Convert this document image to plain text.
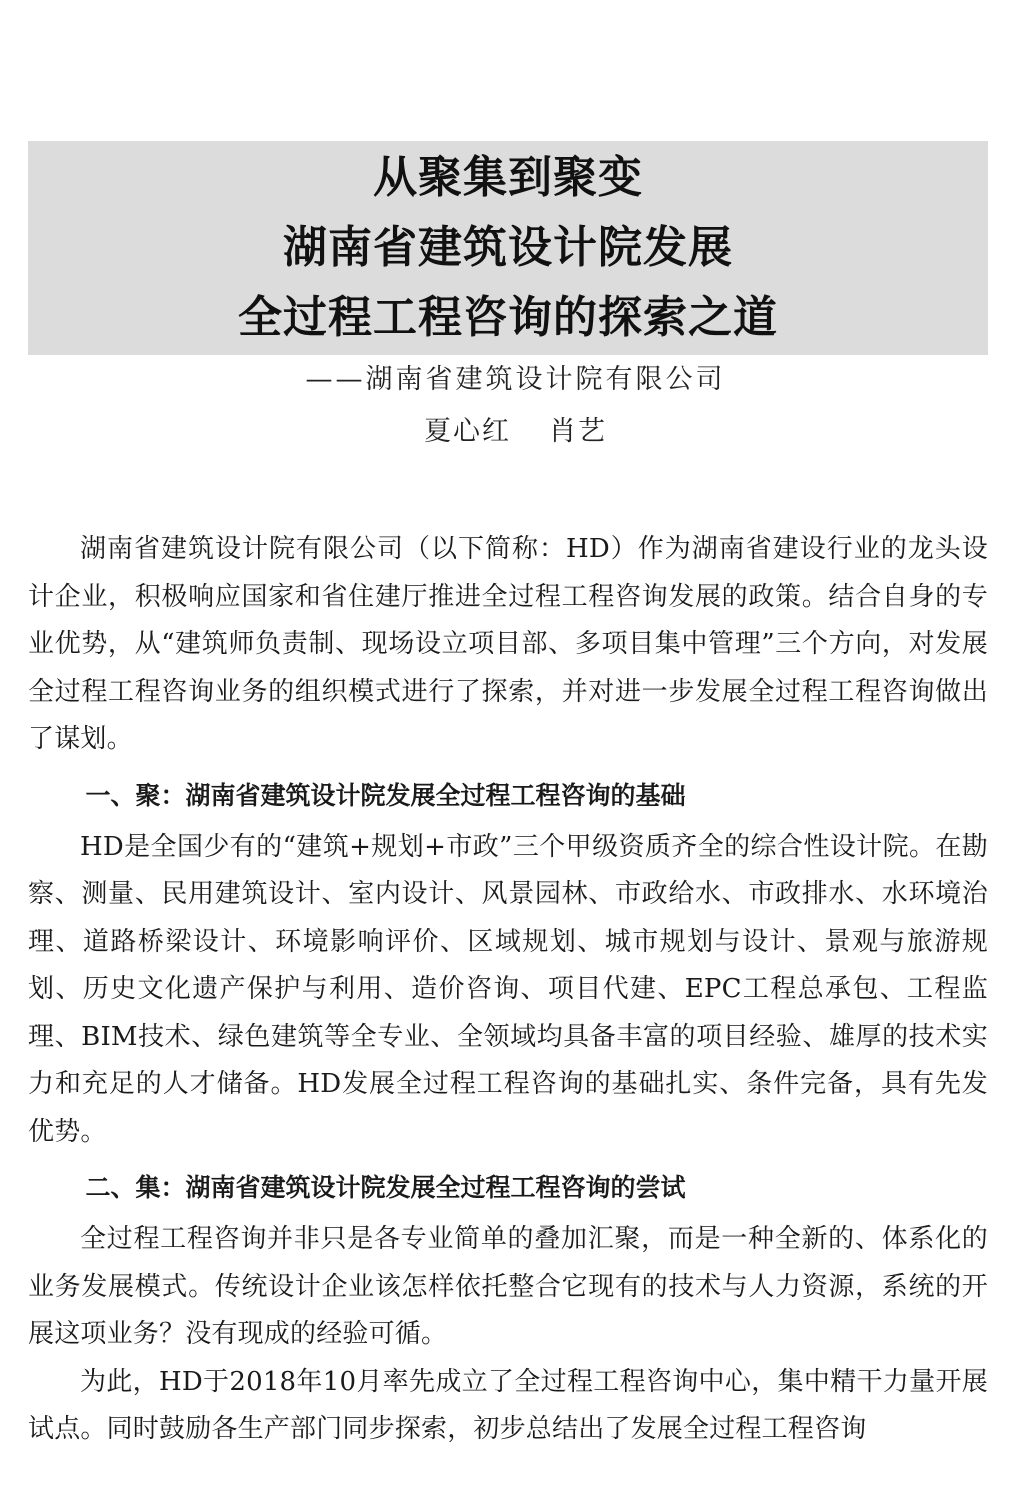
从聚集到聚变
湖南省建筑设计院发展
全过程工程咨询的探索之道
——湖南省建筑设计院有限公司
夏心红 肖艺

湖南省建筑设计院有限公司（以下简称：HD）作为湖南省建设行业的龙头设计企业，积极响应国家和省住建厅推进全过程工程咨询发展的政策。结合自身的专业优势，从“建筑师负责制、现场设立项目部、多项目集中管理”三个方向，对发展全过程工程咨询业务的组织模式进行了探索，并对进一步发展全过程工程咨询做出了谋划。

一、聚：湖南省建筑设计院发展全过程工程咨询的基础

HD是全国少有的“建筑+规划+市政”三个甲级资质齐全的综合性设计院。在勘察、测量、民用建筑设计、室内设计、风景园林、市政给水、市政排水、水环境治理、道路桥梁设计、环境影响评价、区域规划、城市规划与设计、景观与旅游规划、历史文化遗产保护与利用、造价咨询、项目代建、EPC工程总承包、工程监理、BIM技术、绿色建筑等全专业、全领域均具备丰富的项目经验、雄厚的技术实力和充足的人才储备。HD发展全过程工程咨询的基础扎实、条件完备，具有先发优势。

二、集：湖南省建筑设计院发展全过程工程咨询的尝试

全过程工程咨询并非只是各专业简单的叠加汇聚，而是一种全新的、体系化的业务发展模式。传统设计企业该怎样依托整合它现有的技术与人力资源，系统的开展这项业务？没有现成的经验可循。

为此，HD于2018年10月率先成立了全过程工程咨询中心，集中精干力量开展试点。同时鼓励各生产部门同步探索，初步总结出了发展全过程工程咨询
